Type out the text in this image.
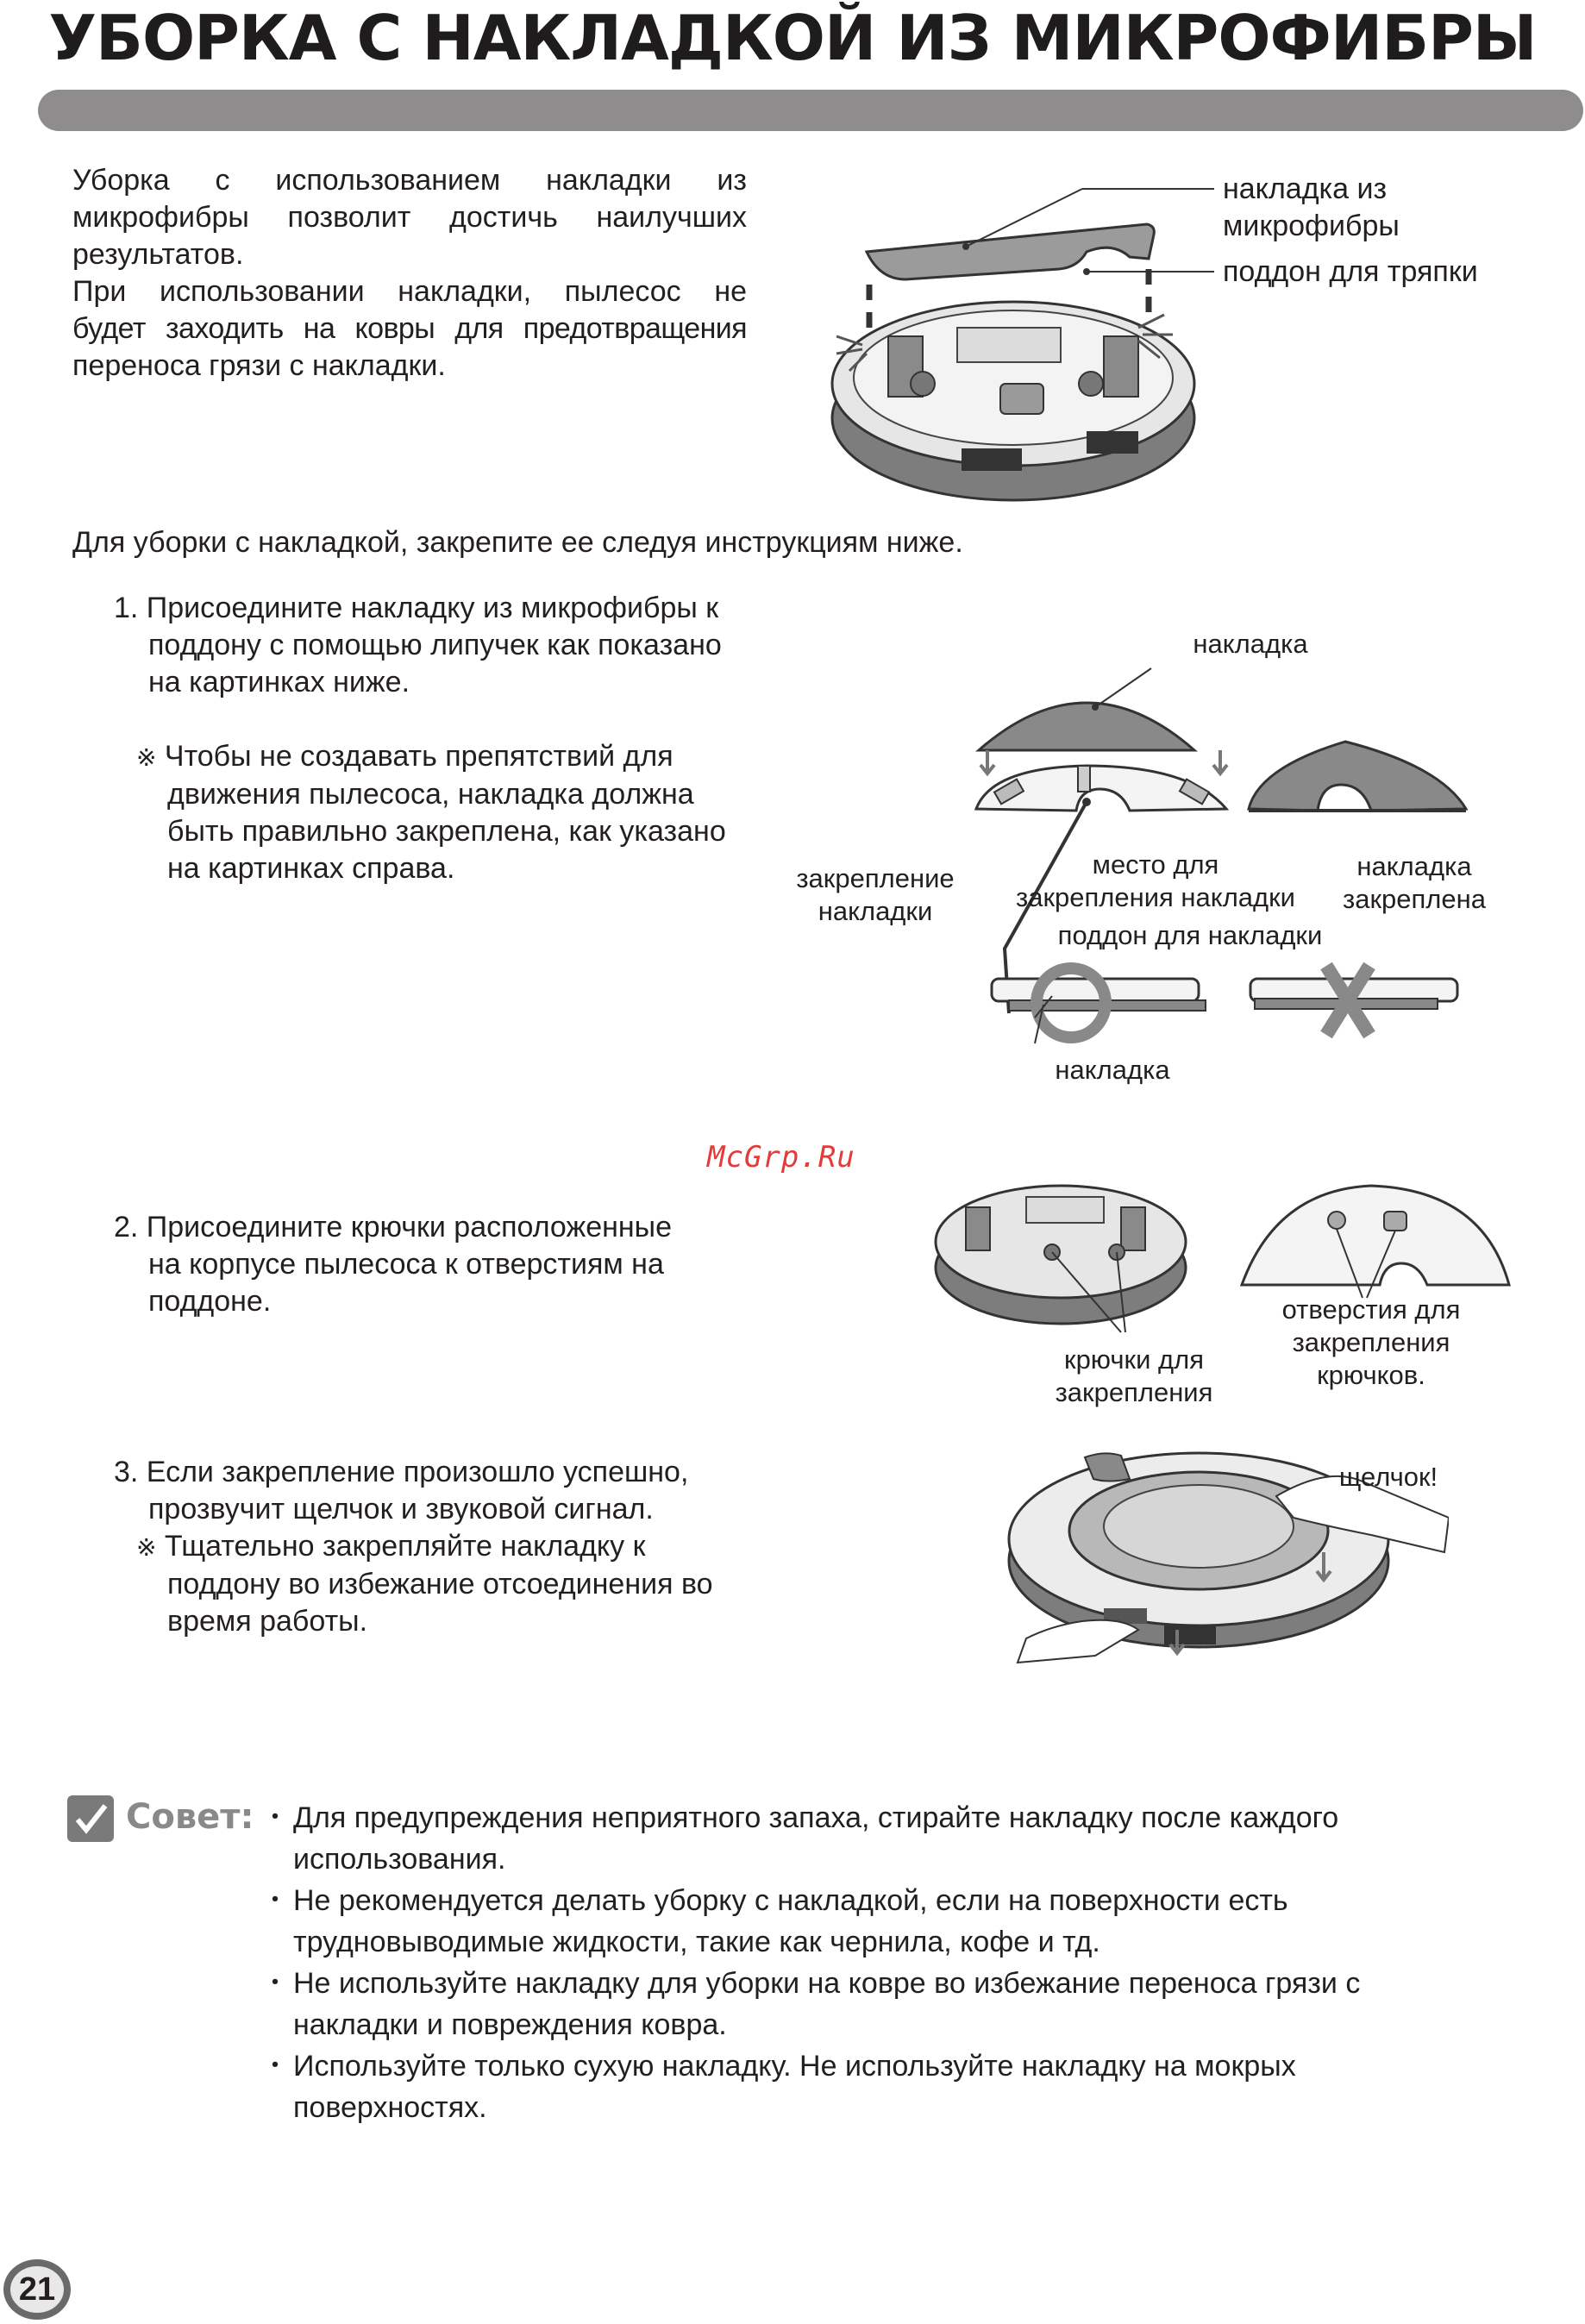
УБОРКА С НАКЛАДКОЙ ИЗ МИКРОФИБРЫ
Уборка с использованием накладки из
микрофибры позволит достичь наилучших
результатов.
При использовании накладки, пылесос не
будет заходить на ковры для предотвращения
переноса грязи с накладки.
накладка из
микрофибры
поддон для тряпки
Для уборки с накладкой, закрепите ее следуя инструкциям ниже.
1. Присоедините накладку из микрофибры к
поддону с помощью липучек как показано
на картинках ниже.
※ Чтобы не создавать препятствий для
движения пылесоса, накладка должна
быть правильно закреплена, как указано
на картинках справа.
накладка
закрепление
накладки
место для
закрепления накладки
накладка
закреплена
поддон для накладки
накладка
McGrp.Ru
2. Присоедините крючки расположенные
на корпусе пылесоса к отверстиям на
поддоне.
крючки для
закрепления
отверстия для
закрепления
крючков.
3. Если закрепление произошло успешно,
прозвучит щелчок и звуковой сигнал.
※ Тщательно закрепляйте накладку к
поддону во избежание отсоединения во
время работы.
щелчок!
Совет: ・ Для предупреждения неприятного запаха, стирайте накладку после каждого
использования.
・ Не рекомендуется делать уборку с накладкой, если на поверхности есть
трудновыводимые жидкости, такие как чернила, кофе и тд.
・ Не используйте накладку для уборки на ковре во избежание переноса грязи с
накладки и повреждения ковра.
・ Используйте только сухую накладку. Не используйте накладку на мокрых
поверхностях.
21
